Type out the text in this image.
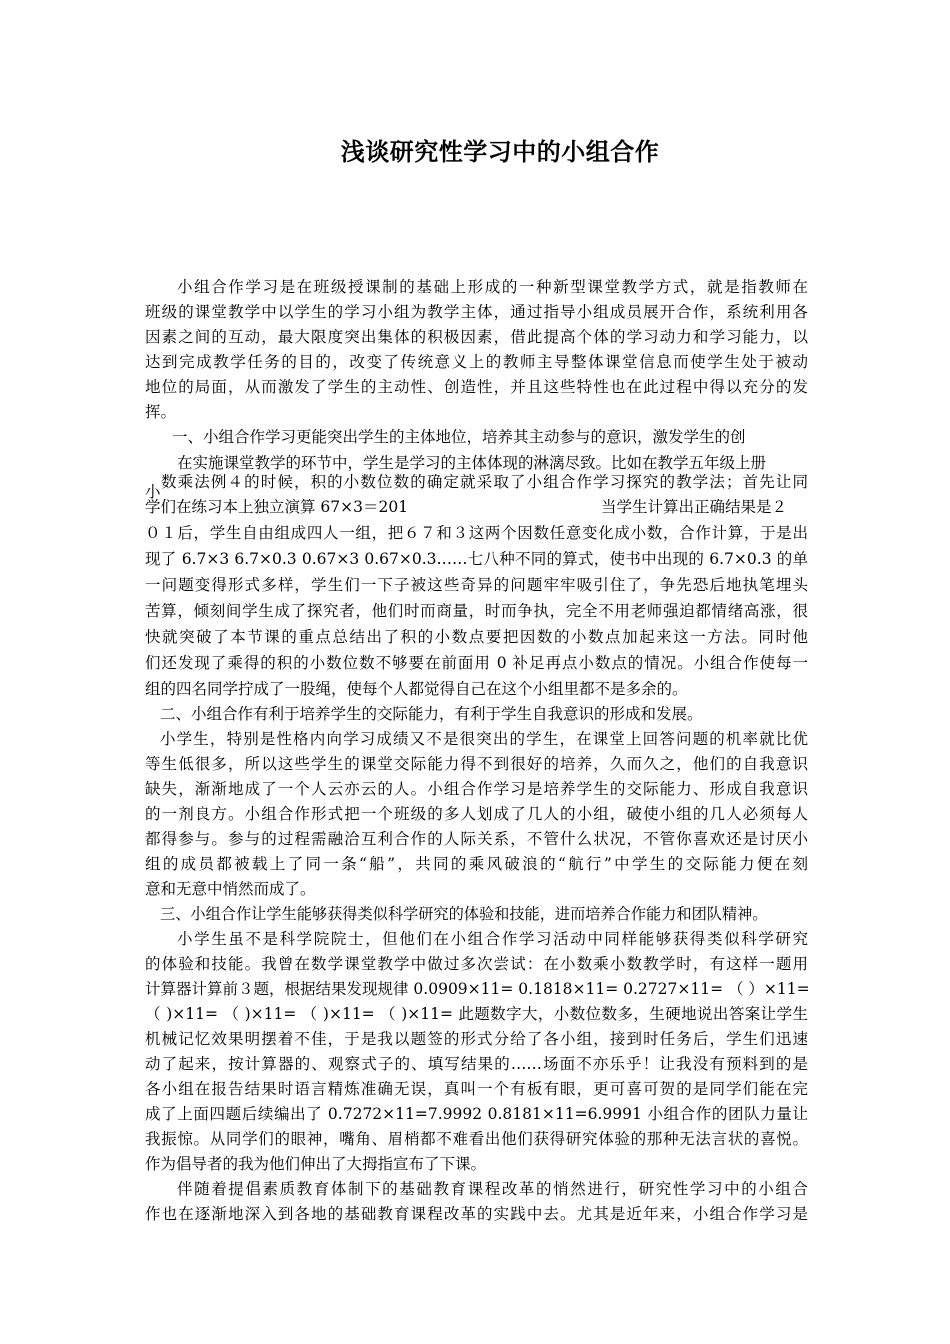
浅谈研究性学习中的小组合作
小组合作学习是在班级授课制的基础上形成的一种新型课堂教学方式，就是指教师在
班级的课堂教学中以学生的学习小组为教学主体，通过指导小组成员展开合作，系统利用各
因素之间的互动，最大限度突出集体的积极因素，借此提高个体的学习动力和学习能力，以
达到完成教学任务的目的，改变了传统意义上的教师主导整体课堂信息而使学生处于被动
地位的局面，从而激发了学生的主动性、创造性，并且这些特性也在此过程中得以充分的发
挥。
一、小组合作学习更能突出学生的主体地位，培养其主动参与的意识，激发学生的创
在实施课堂教学的环节中，学生是学习的主体体现的淋漓尽致。比如在教学五年级上册
小
数乘法例４的时候，积的小数位数的确定就采取了小组合作学习探究的教学法；首先让同
学们在练习本上独立演算 67×3＝201	当学生计算出正确结果是２
０１后，学生自由组成四人一组，把６７和３这两个因数任意变化成小数，合作计算，于是出
现了 6.7×3 6.7×0.3 0.67×3 0.67×0.3……七八种不同的算式，使书中出现的 6.7×0.3 的单
一问题变得形式多样，学生们一下子被这些奇异的问题牢牢吸引住了，争先恐后地执笔埋头
苦算，倾刻间学生成了探究者，他们时而商量，时而争执，完全不用老师强迫都情绪高涨，很
快就突破了本节课的重点总结出了积的小数点要把因数的小数点加起来这一方法。同时他
们还发现了乘得的积的小数位数不够要在前面用 0 补足再点小数点的情况。小组合作使每一
组的四名同学拧成了一股绳，使每个人都觉得自己在这个小组里都不是多余的。
二、小组合作有利于培养学生的交际能力，有利于学生自我意识的形成和发展。
小学生，特别是性格内向学习成绩又不是很突出的学生，在课堂上回答问题的机率就比优
等生低很多，所以这些学生的课堂交际能力得不到很好的培养，久而久之，他们的自我意识
缺失，渐渐地成了一个人云亦云的人。小组合作学习是培养学生的交际能力、形成自我意识
的一剂良方。小组合作形式把一个班级的多人划成了几人的小组，破使小组的几人必须每人
都得参与。参与的过程需融洽互利合作的人际关系，不管什么状况，不管你喜欢还是讨厌小
组的成员都被载上了同一条“船”，共同的乘风破浪的“航行”中学生的交际能力便在刻
意和无意中悄然而成了。
三、小组合作让学生能够获得类似科学研究的体验和技能，进而培养合作能力和团队精神。
小学生虽不是科学院院士，但他们在小组合作学习活动中同样能够获得类似科学研究
的体验和技能。我曾在数学课堂教学中做过多次尝试：在小数乘小数教学时，有这样一题用
计算器计算前３题，根据结果发现规律 0.0909×11= 0.1818×11= 0.2727×11= （ ）×11=
（ )×11= （ )×11= （ )×11= （ )×11= 此题数字大，小数位数多，生硬地说出答案让学生
机械记忆效果明摆着不佳，于是我以题签的形式分给了各小组，接到时任务后，学生们迅速
动了起来，按计算器的、观察式子的、填写结果的……场面不亦乐乎！让我没有预料到的是
各小组在报告结果时语言精炼准确无误，真叫一个有板有眼，更可喜可贺的是同学们能在完
成了上面四题后续编出了 0.7272×11=7.9992 0.8181×11=6.9991 小组合作的团队力量让
我振惊。从同学们的眼神，嘴角、眉梢都不难看出他们获得研究体验的那种无法言状的喜悦。
作为倡导者的我为他们伸出了大拇指宣布了下课。
伴随着提倡素质教育体制下的基础教育课程改革的悄然进行，研究性学习中的小组合
作也在逐渐地深入到各地的基础教育课程改革的实践中去。尤其是近年来，小组合作学习是
